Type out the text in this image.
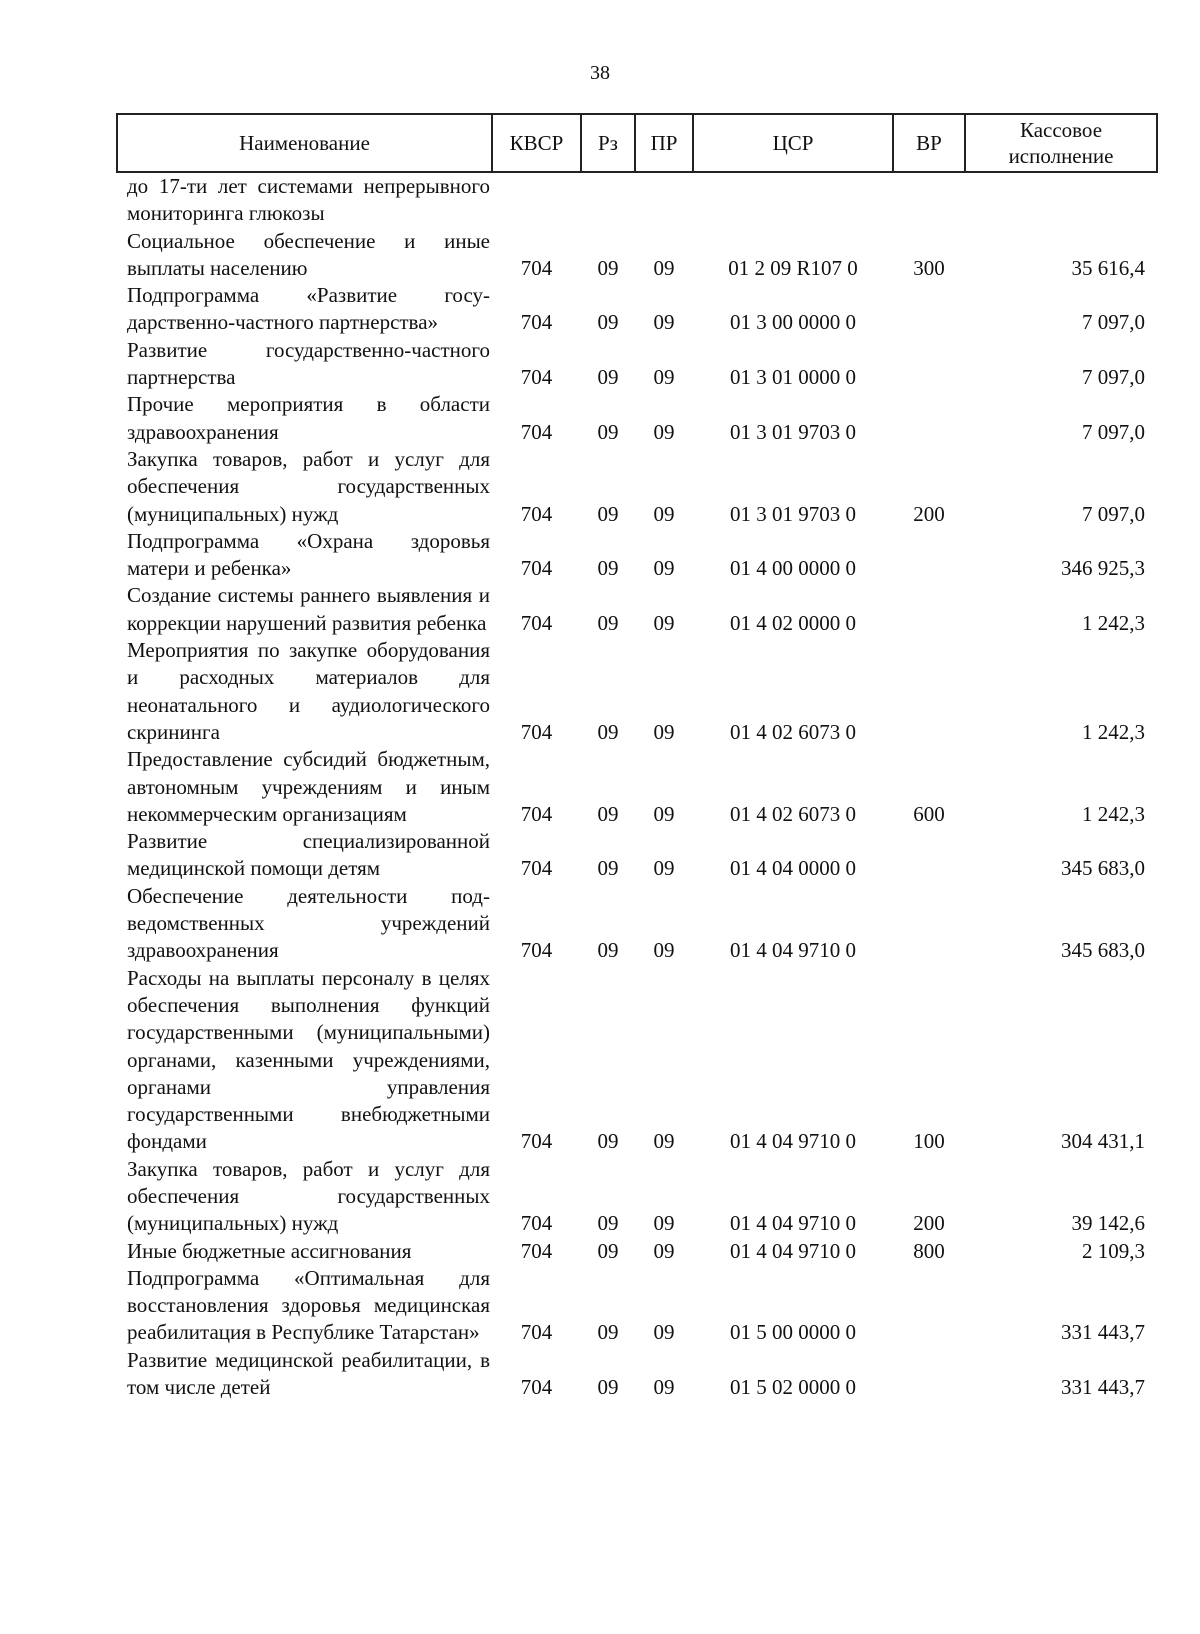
38
Наименование	КВСР	Рз	ПР	ЦСР	ВР	Кассовое исполнение

до 17-ти лет системами непрерывного мониторинга глюкозы						

Социальное обеспечение и иные выплаты населению	704	09	09	01 2 09 R107 0	300	35 616,4

Подпрограмма «Развитие государственно-частного партнерства»	704	09	09	01 3 00 0000 0		7 097,0

Развитие государственно-частного партнерства	704	09	09	01 3 01 0000 0		7 097,0

Прочие мероприятия в области здравоохранения	704	09	09	01 3 01 9703 0		7 097,0

Закупка товаров, работ и услуг для обеспечения государственных (муниципальных) нужд	704	09	09	01 3 01 9703 0	200	7 097,0

Подпрограмма «Охрана здоровья матери и ребенка»	704	09	09	01 4 00 0000 0		346 925,3

Создание системы раннего выявления и коррекции нарушений развития ребенка	704	09	09	01 4 02 0000 0		1 242,3

Мероприятия по закупке оборудования и расходных материалов для неонатального и аудиологического скрининга	704	09	09	01 4 02 6073 0		1 242,3

Предоставление субсидий бюджетным, автономным учреждениям и иным некоммерческим организациям	704	09	09	01 4 02 6073 0	600	1 242,3

Развитие специализированной медицинской помощи детям	704	09	09	01 4 04 0000 0		345 683,0

Обеспечение деятельности подведомственных учреждений здравоохранения	704	09	09	01 4 04 9710 0		345 683,0

Расходы на выплаты персоналу в целях обеспечения выполнения функций государственными (муниципальными) органами, казенными учреждениями, органами управления государственными внебюджетными фондами	704	09	09	01 4 04 9710 0	100	304 431,1

Закупка товаров, работ и услуг для обеспечения государственных (муниципальных) нужд	704	09	09	01 4 04 9710 0	200	39 142,6

Иные бюджетные ассигнования	704	09	09	01 4 04 9710 0	800	2 109,3

Подпрограмма «Оптимальная для восстановления здоровья медицинская реабилитация в Республике Татарстан»	704	09	09	01 5 00 0000 0		331 443,7

Развитие медицинской реабилитации, в том числе детей	704	09	09	01 5 02 0000 0		331 443,7
